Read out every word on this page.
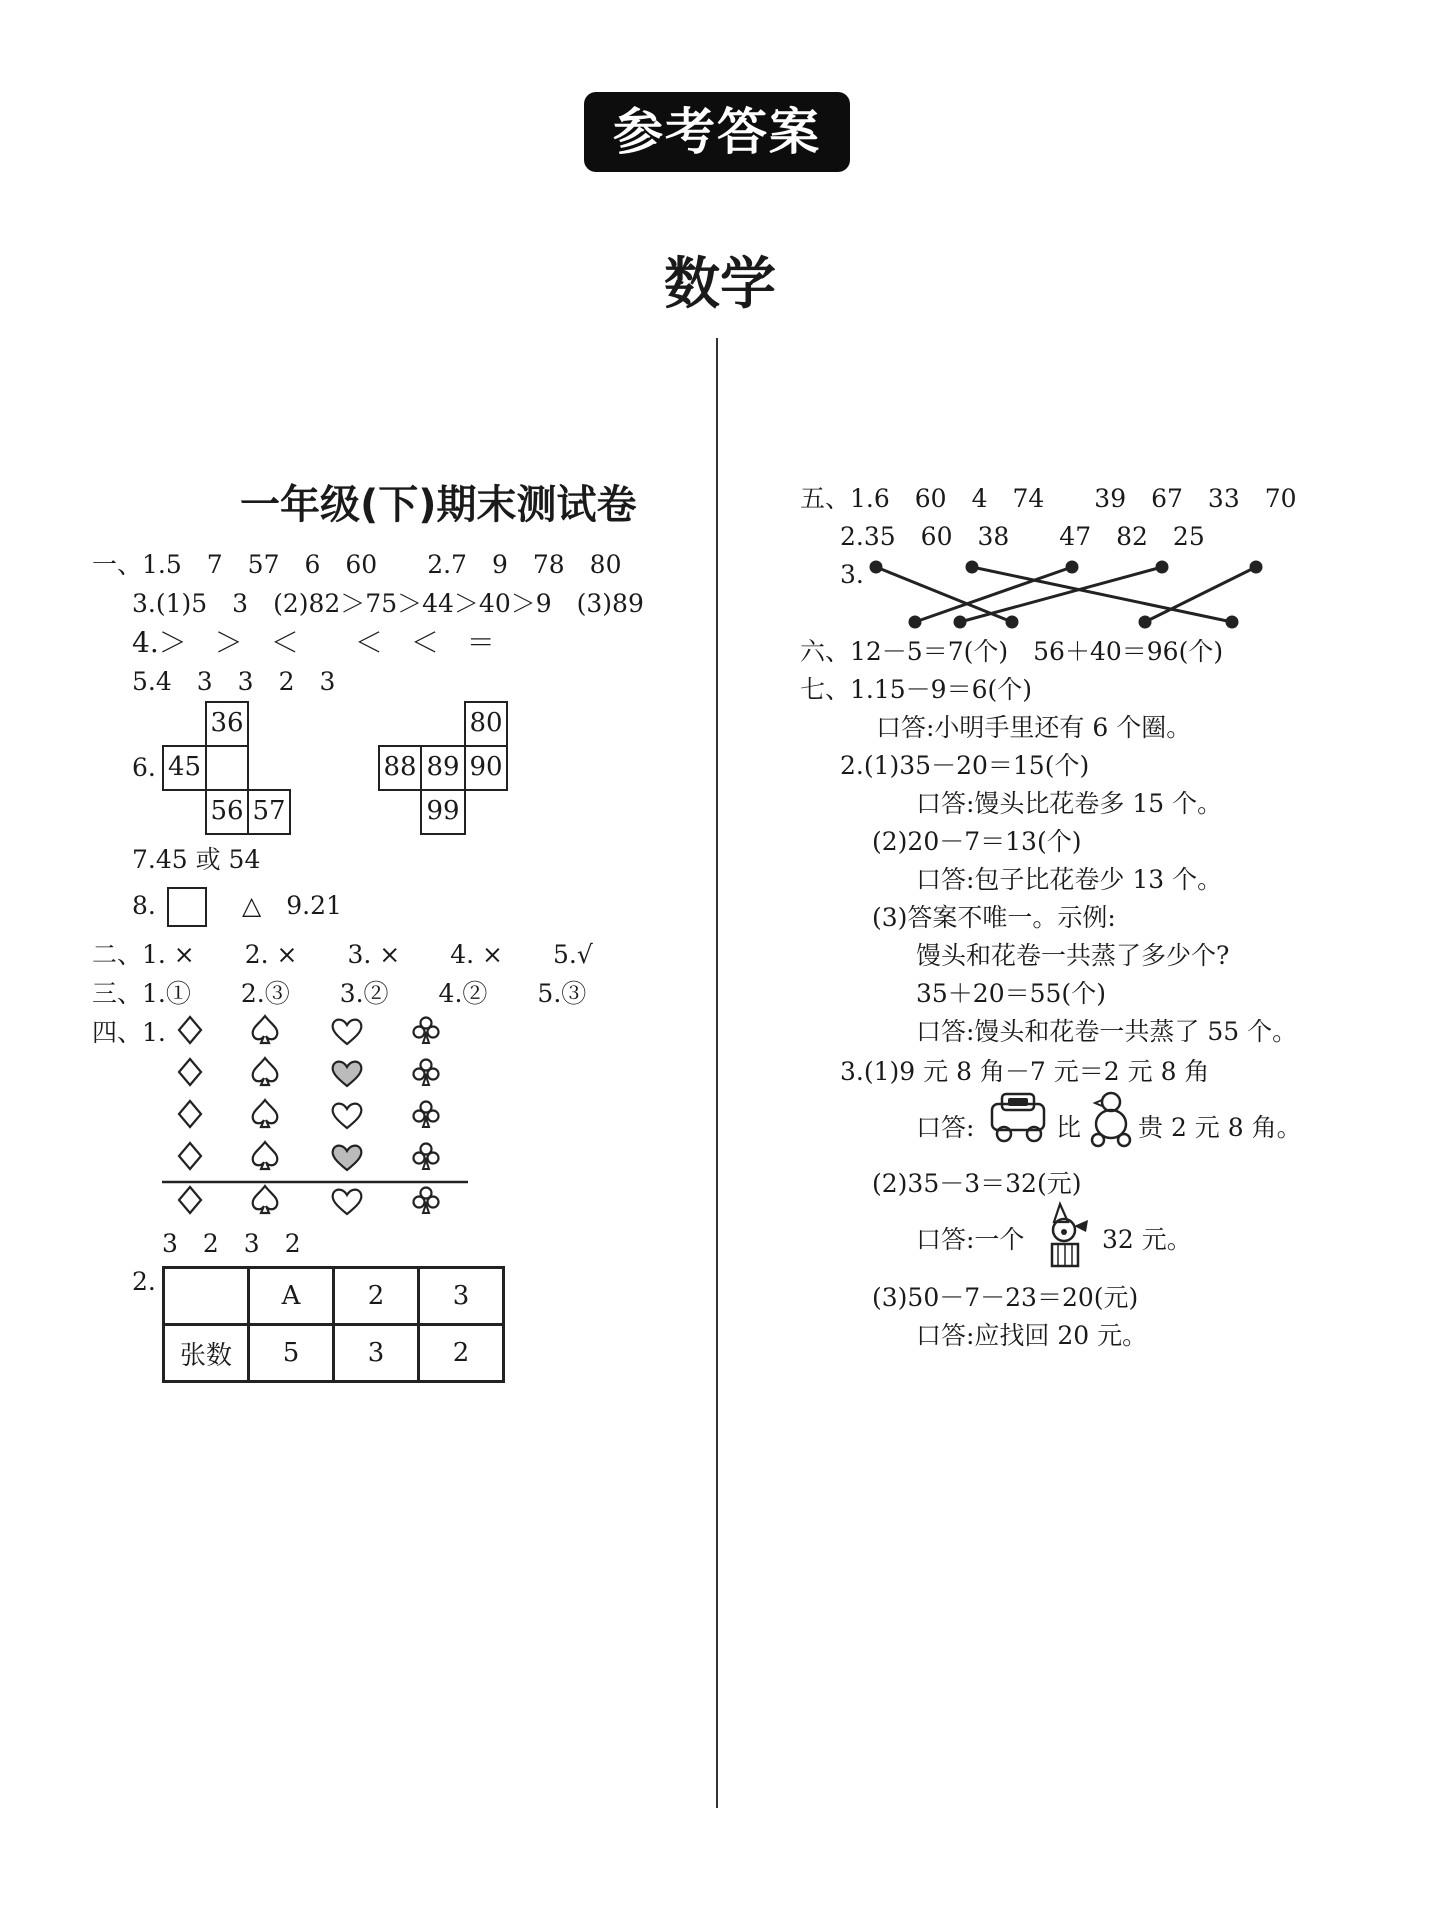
参考答案
数学
一年级(下)期末测试卷
一、1.5　7　57　6　60　　2.7　9　78　80
3.(1)5　3　(2)82＞75＞44＞40＞9　(3)89
4.＞　＞　＜　　＜　＜　＝
5.4　3　3　2　3
6.
36
45
56 57
80
88 89 90
99
7.45 或 54
8.	△　9.21
二、1. ×　　2. ×　　3. ×　　4. ×　　5.√
三、1.①　　2.③　　3.②　　4.②　　5.③
四、1.
3　2　3　2
2.
		A	2	3
张数	5	3	2
五、1.6　60　4　74　　39　67　33　70
2.35　60　38　　47　82　25
3.
六、12－5＝7(个)　56＋40＝96(个)
七、1.15－9＝6(个)
口答:小明手里还有 6 个圈。
2.(1)35－20＝15(个)
口答:馒头比花卷多 15 个。
(2)20－7＝13(个)
口答:包子比花卷少 13 个。
(3)答案不唯一。示例:
馒头和花卷一共蒸了多少个?
35＋20＝55(个)
口答:馒头和花卷一共蒸了 55 个。
3.(1)9 元 8 角－7 元＝2 元 8 角
口答:	比 贵 2 元 8 角。
(2)35－3＝32(元)
口答:一个	32 元。
(3)50－7－23＝20(元)
口答:应找回 20 元。
